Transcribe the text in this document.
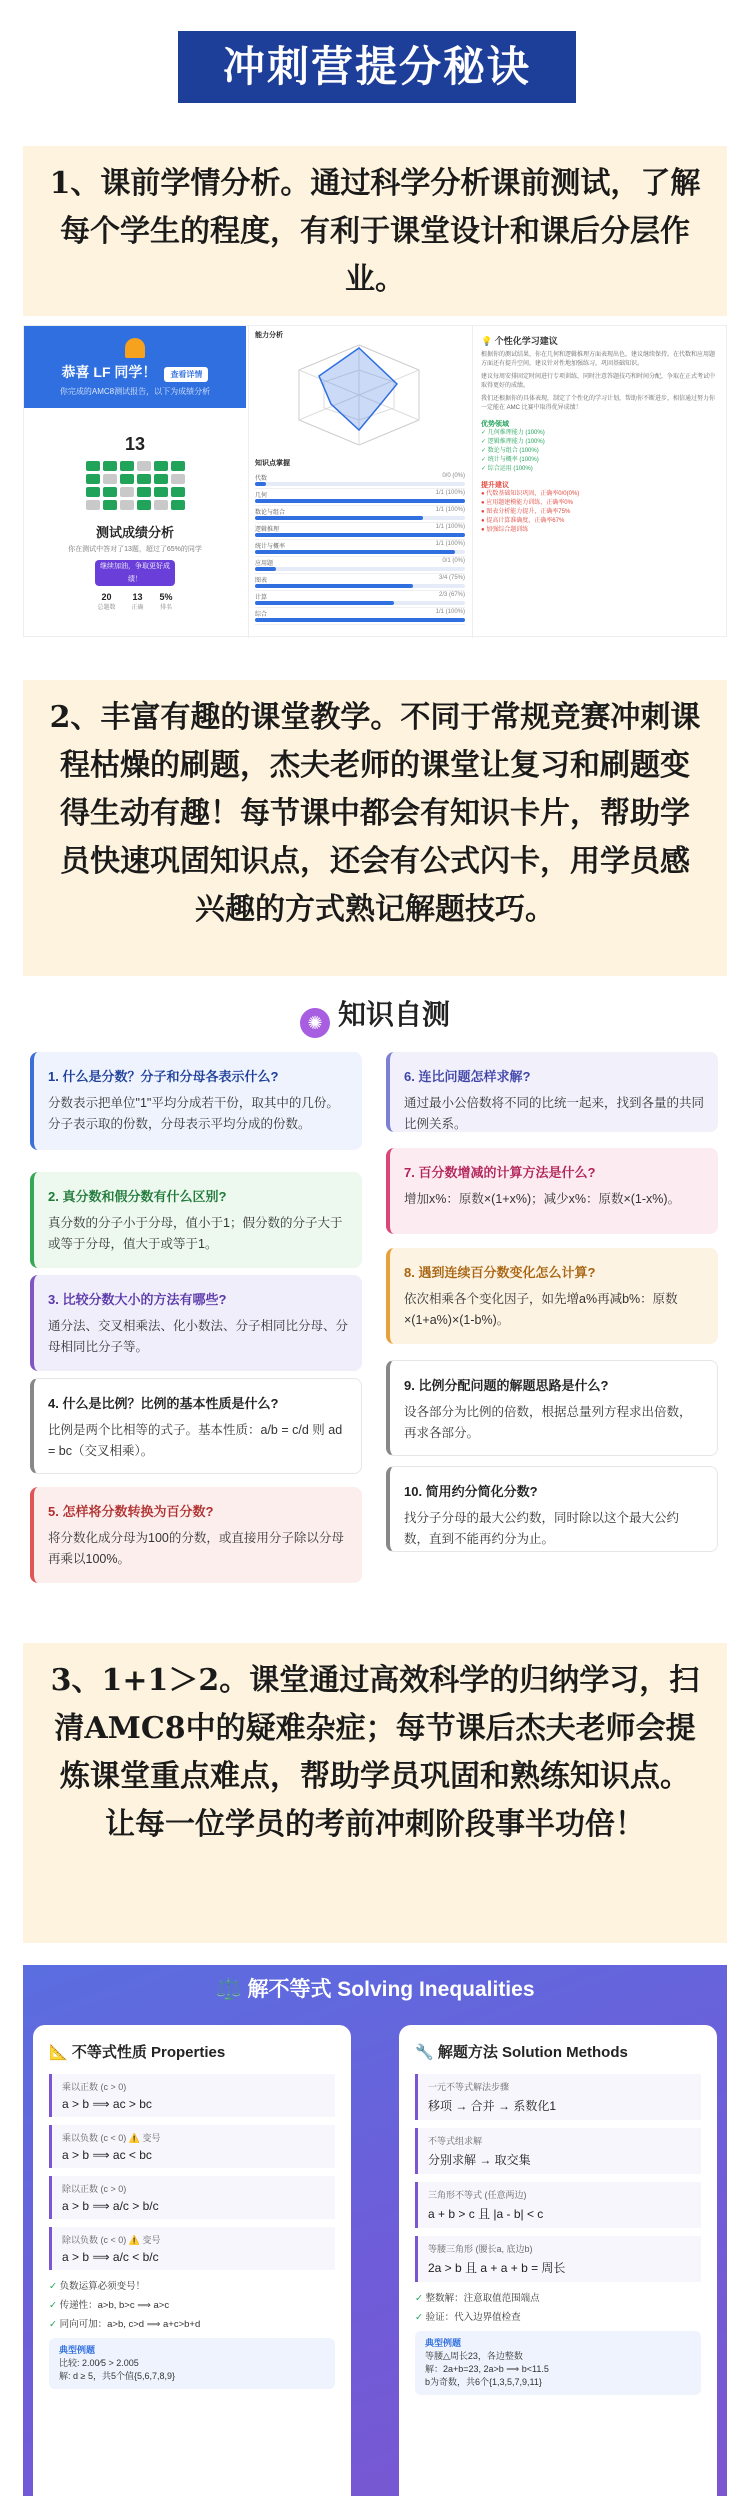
冲刺营提分秘诀
1、课前学情分析。通过科学分析课前测试，了解每个学生的程度，有利于课堂设计和课后分层作业。
恭喜 LF 同学！ 查看详情
你完成的AMC8测试报告，以下为成绩分析
13
测试成绩分析
你在测试中答对了13题，超过了65%的同学
继续加油，争取更好成绩！
20
总题数
13
正确
5%
排名
能力分析
知识点掌握
代数	0/0 (0%)
几何	1/1 (100%)
数论与组合	1/1 (100%)
逻辑推理	1/1 (100%)
统计与概率	1/1 (100%)
应用题	0/1 (0%)
图表	3/4 (75%)
计算	2/3 (67%)
综合	1/1 (100%)
💡 个性化学习建议
根据你的测试结果，你在几何和逻辑推理方面表现出色，建议继续保持。在代数和应用题方面还有提升空间，建议针对性地加强练习，巩固基础知识。
建议每周安排固定时间进行专项训练，同时注意答题技巧和时间分配，争取在正式考试中取得更好的成绩。
我们还根据你的具体表现，制定了个性化的学习计划，帮助你不断进步，相信通过努力你一定能在 AMC 比赛中取得优异成绩！
优势领域
✓ 几何推理能力 (100%)
✓ 逻辑推理能力 (100%)
✓ 数论与组合 (100%)
✓ 统计与概率 (100%)
✓ 综合运用 (100%)
提升建议
● 代数基础知识巩固，正确率0/0(0%)
● 应用题建模能力训练，正确率0%
● 图表分析能力提升，正确率75%
● 提高计算准确度，正确率67%
● 加强综合题训练
2、丰富有趣的课堂教学。不同于常规竞赛冲刺课程枯燥的刷题，杰夫老师的课堂让复习和刷题变得生动有趣！每节课中都会有知识卡片，帮助学员快速巩固知识点，还会有公式闪卡，用学员感兴趣的方式熟记解题技巧。
✺ 知识自测
1. 什么是分数？分子和分母各表示什么?
分数表示把单位"1"平均分成若干份，取其中的几份。分子表示取的份数，分母表示平均分成的份数。
2. 真分数和假分数有什么区别?
真分数的分子小于分母，值小于1；假分数的分子大于或等于分母，值大于或等于1。
3. 比较分数大小的方法有哪些?
通分法、交叉相乘法、化小数法、分子相同比分母、分母相同比分子等。
4. 什么是比例？比例的基本性质是什么?
比例是两个比相等的式子。基本性质：a/b = c/d 则 ad = bc（交叉相乘）。
5. 怎样将分数转换为百分数?
将分数化成分母为100的分数，或直接用分子除以分母再乘以100%。
6. 连比问题怎样求解?
通过最小公倍数将不同的比统一起来，找到各量的共同比例关系。
7. 百分数增减的计算方法是什么?
增加x%：原数×(1+x%)；减少x%：原数×(1-x%)。
8. 遇到连续百分数变化怎么计算?
依次相乘各个变化因子，如先增a%再减b%：原数×(1+a%)×(1-b%)。
9. 比例分配问题的解题思路是什么?
设各部分为比例的倍数，根据总量列方程求出倍数，再求各部分。
10. 简用约分简化分数?
找分子分母的最大公约数，同时除以这个最大公约数，直到不能再约分为止。
3、1+1＞2。课堂通过高效科学的归纳学习，扫清AMC8中的疑难杂症；每节课后杰夫老师会提炼课堂重点难点，帮助学员巩固和熟练知识点。让每一位学员的考前冲刺阶段事半功倍！
⚖️ 解不等式 Solving Inequalities
📐 不等式性质 Properties
乘以正数 (c > 0)
a > b ⟹ ac > bc
乘以负数 (c < 0) ⚠️ 变号
a > b ⟹ ac < bc
除以正数 (c > 0)
a > b ⟹ a/c > b/c
除以负数 (c < 0) ⚠️ 变号
a > b ⟹ a/c < b/c
✓ 负数运算必须变号！
✓ 传递性：a>b, b>c ⟹ a>c
✓ 同向可加：a>b, c>d ⟹ a+c>b+d
典型例题
比较: 2.00⁄5 > 2.005
解: d ≥ 5，共5个值{5,6,7,8,9}
🔧 解题方法 Solution Methods
一元不等式解法步骤
移项 → 合并 → 系数化1
不等式组求解
分别求解 → 取交集
三角形不等式 (任意两边)
a + b > c 且 |a - b| < c
等腰三角形 (腰长a, 底边b)
2a > b 且 a + a + b = 周长
✓ 整数解：注意取值范围端点
✓ 验证：代入边界值检查
典型例题
等腰△周长23，各边整数
解：2a+b=23, 2a>b ⟹ b<11.5
b为奇数，共6个{1,3,5,7,9,11}
